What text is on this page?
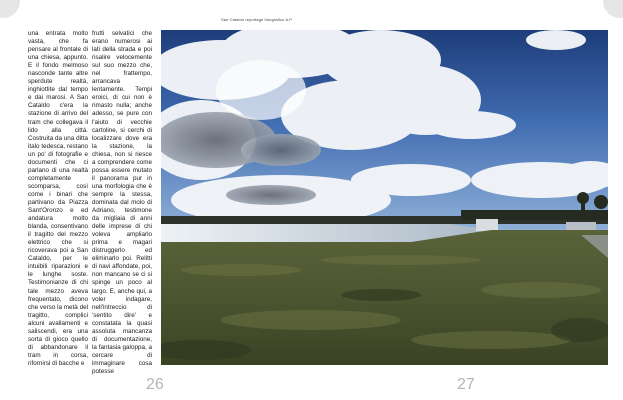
San Cataldo reportage fotografico A.P.

una entrata molto vasta, che fa pensare al frontale di una chiesa, appunto. E il fondo melmoso nasconde tante altre sperdute realtà, inghiottite dal tempo e dai marosi. A San Cataldo c'era la stazione di arrivo del tram che collegava il lido alla città. Costruita da una ditta italo tedesca, restano un po' di fotografie e documenti che ci parlano di una realtà completamente scomparsa, così come i binari che partivano da Piazza Sant'Oronzo e ed andatura molto blanda, consentivano il tragitto del mezzo elettrico che si ricoverava poi a San Cataldo, per le intuibili riparazioni e le lunghe soste. Testimonianze di chi tale mezzo aveva frequentato, dicono che verso la metà del tragitto, complici alcuni avallamenti e saliscendi, era una sorta di gioco quello di abbandonare il tram in corsa, rifornirsi di bacche e

frutti selvatici che erano numerosi ai lati della strada e poi risalire velocemente sul suo mezzo che, nel frattempo, arrancava lentamente. Tempi eroici, di cui non è rimasto nulla; anche adesso, se pure con l'aiuto di vecchie cartoline, si cerchi di localizzare dove era la stazione, la chiesa, non si riesce a comprendere come possa essere mutato il panorama pur in una morfologia che è sempre la stessa, dominata dal molo di Adriano, testimone da migliaia di anni delle imprese di chi voleva ampliarlo prima e magari distruggerlo ed eliminarlo poi. Relitti di navi affondate, poi, non mancano se ci si spinge un poco al largo. E, anche qui, a voler indagare, nell'intreccio di 'sentito dire' e constatata la quasi assoluta mancanza di documentazione, la fantasia galoppa, a cercare di immaginare cosa potesse

26	27
